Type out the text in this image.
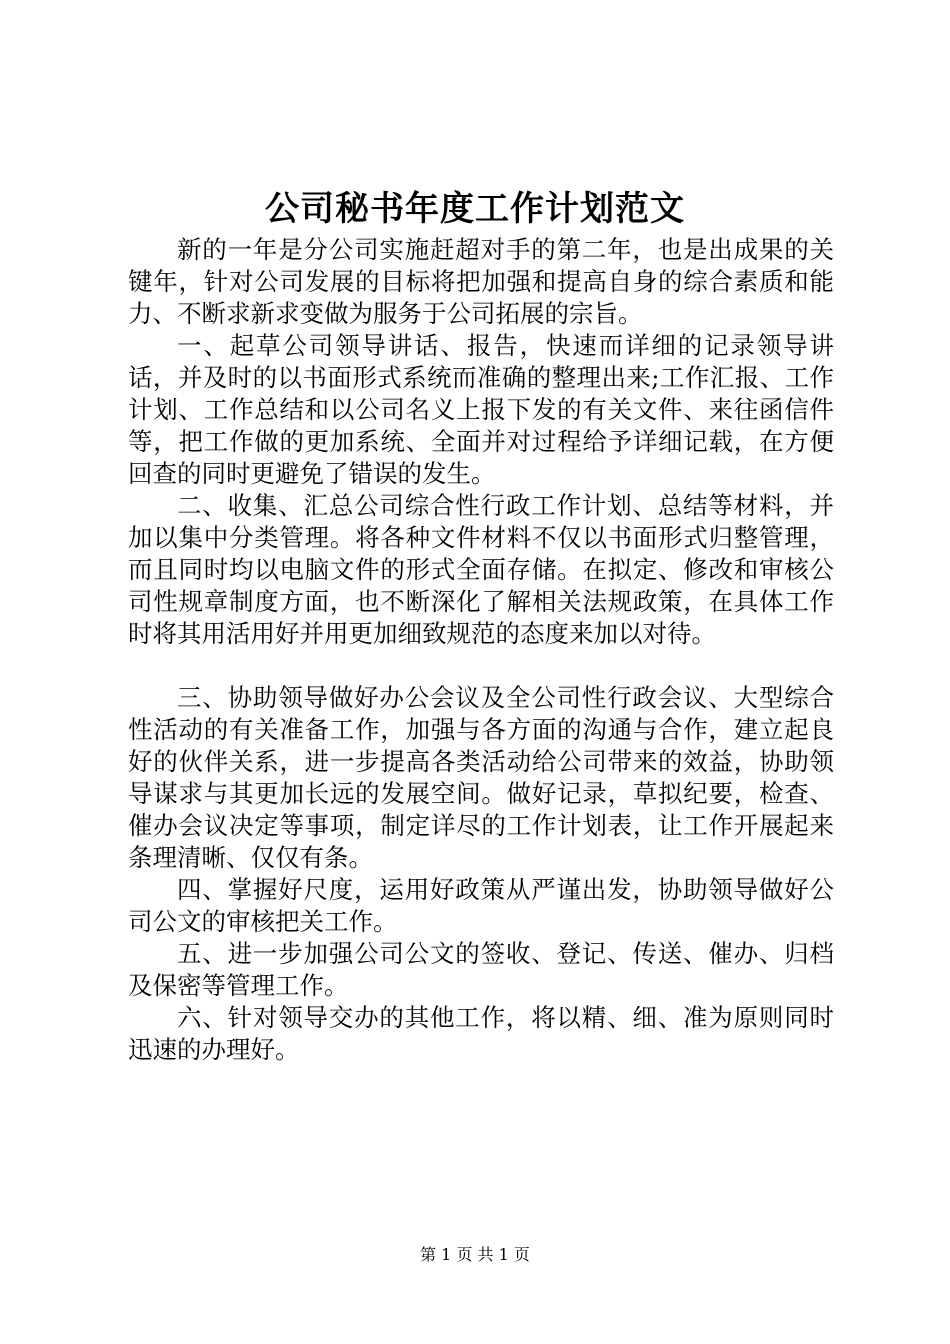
公司秘书年度工作计划范文

新的一年是分公司实施赶超对手的第二年，也是出成果的关键年，针对公司发展的目标将把加强和提高自身的综合素质和能力、不断求新求变做为服务于公司拓展的宗旨。

一、起草公司领导讲话、报告，快速而详细的记录领导讲话，并及时的以书面形式系统而准确的整理出来;工作汇报、工作计划、工作总结和以公司名义上报下发的有关文件、来往函信件等，把工作做的更加系统、全面并对过程给予详细记载，在方便回查的同时更避免了错误的发生。

二、收集、汇总公司综合性行政工作计划、总结等材料，并加以集中分类管理。将各种文件材料不仅以书面形式归整管理，而且同时均以电脑文件的形式全面存储。在拟定、修改和审核公司性规章制度方面，也不断深化了解相关法规政策，在具体工作时将其用活用好并用更加细致规范的态度来加以对待。

三、协助领导做好办公会议及全公司性行政会议、大型综合性活动的有关准备工作，加强与各方面的沟通与合作，建立起良好的伙伴关系，进一步提高各类活动给公司带来的效益，协助领导谋求与其更加长远的发展空间。做好记录，草拟纪要，检查、催办会议决定等事项，制定详尽的工作计划表，让工作开展起来条理清晰、仅仅有条。

四、掌握好尺度，运用好政策从严谨出发，协助领导做好公司公文的审核把关工作。

五、进一步加强公司公文的签收、登记、传送、催办、归档及保密等管理工作。

六、针对领导交办的其他工作，将以精、细、准为原则同时迅速的办理好。

第 1 页 共 1 页
